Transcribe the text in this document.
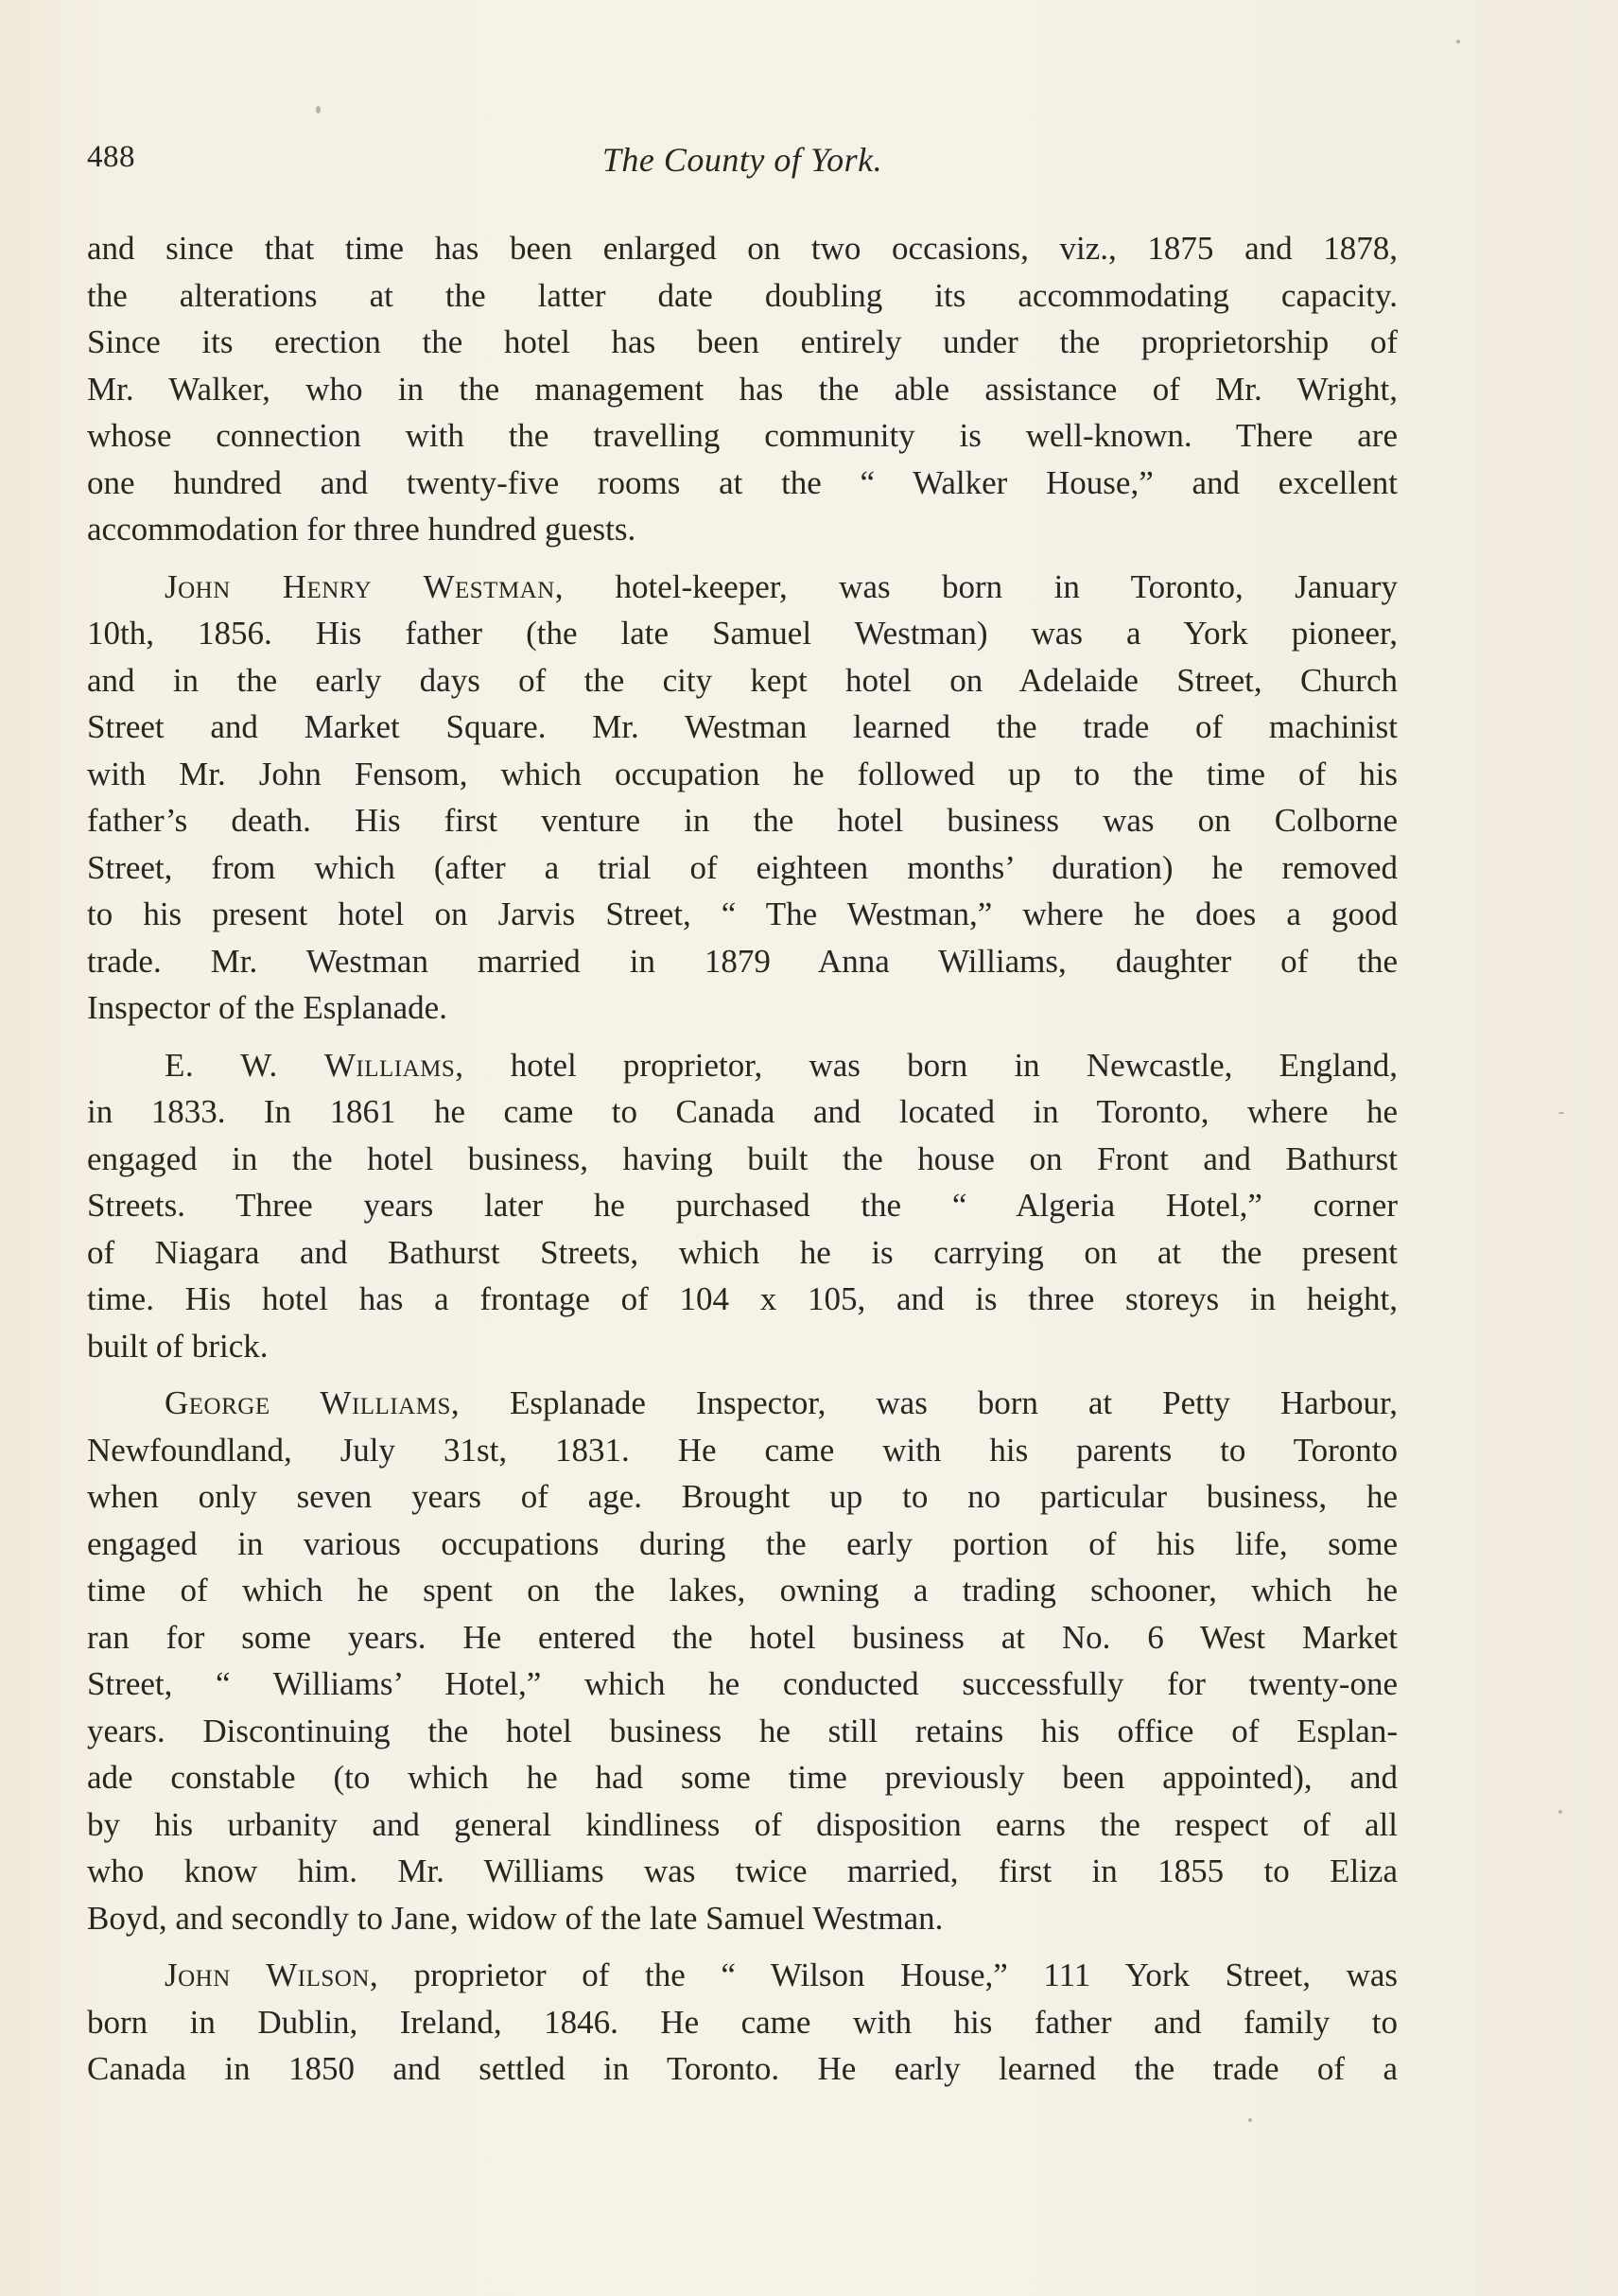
488	The County of York.
and since that time has been enlarged on two occasions, viz., 1875 and 1878,
the alterations at the latter date doubling its accommodating capacity.
Since its erection the hotel has been entirely under the proprietorship of
Mr. Walker, who in the management has the able assistance of Mr. Wright,
whose connection with the travelling community is well-known. There are
one hundred and twenty-five rooms at the “ Walker House,” and excellent
accommodation for three hundred guests.
John Henry Westman, hotel-keeper, was born in Toronto, January
10th, 1856. His father (the late Samuel Westman) was a York pioneer,
and in the early days of the city kept hotel on Adelaide Street, Church
Street and Market Square. Mr. Westman learned the trade of machinist
with Mr. John Fensom, which occupation he followed up to the time of his
father’s death. His first venture in the hotel business was on Colborne
Street, from which (after a trial of eighteen months’ duration) he removed
to his present hotel on Jarvis Street, “ The Westman,” where he does a good
trade. Mr. Westman married in 1879 Anna Williams, daughter of the
Inspector of the Esplanade.
E. W. Williams, hotel proprietor, was born in Newcastle, England,
in 1833. In 1861 he came to Canada and located in Toronto, where he
engaged in the hotel business, having built the house on Front and Bathurst
Streets. Three years later he purchased the “ Algeria Hotel,” corner
of Niagara and Bathurst Streets, which he is carrying on at the present
time. His hotel has a frontage of 104 x 105, and is three storeys in height,
built of brick.
George Williams, Esplanade Inspector, was born at Petty Harbour,
Newfoundland, July 31st, 1831. He came with his parents to Toronto
when only seven years of age. Brought up to no particular business, he
engaged in various occupations during the early portion of his life, some
time of which he spent on the lakes, owning a trading schooner, which he
ran for some years. He entered the hotel business at No. 6 West Market
Street, “ Williams’ Hotel,” which he conducted successfully for twenty-one
years. Discontinuing the hotel business he still retains his office of Esplan-
ade constable (to which he had some time previously been appointed), and
by his urbanity and general kindliness of disposition earns the respect of all
who know him. Mr. Williams was twice married, first in 1855 to Eliza
Boyd, and secondly to Jane, widow of the late Samuel Westman.
John Wilson, proprietor of the “ Wilson House,” 111 York Street, was
born in Dublin, Ireland, 1846. He came with his father and family to
Canada in 1850 and settled in Toronto. He early learned the trade of a
